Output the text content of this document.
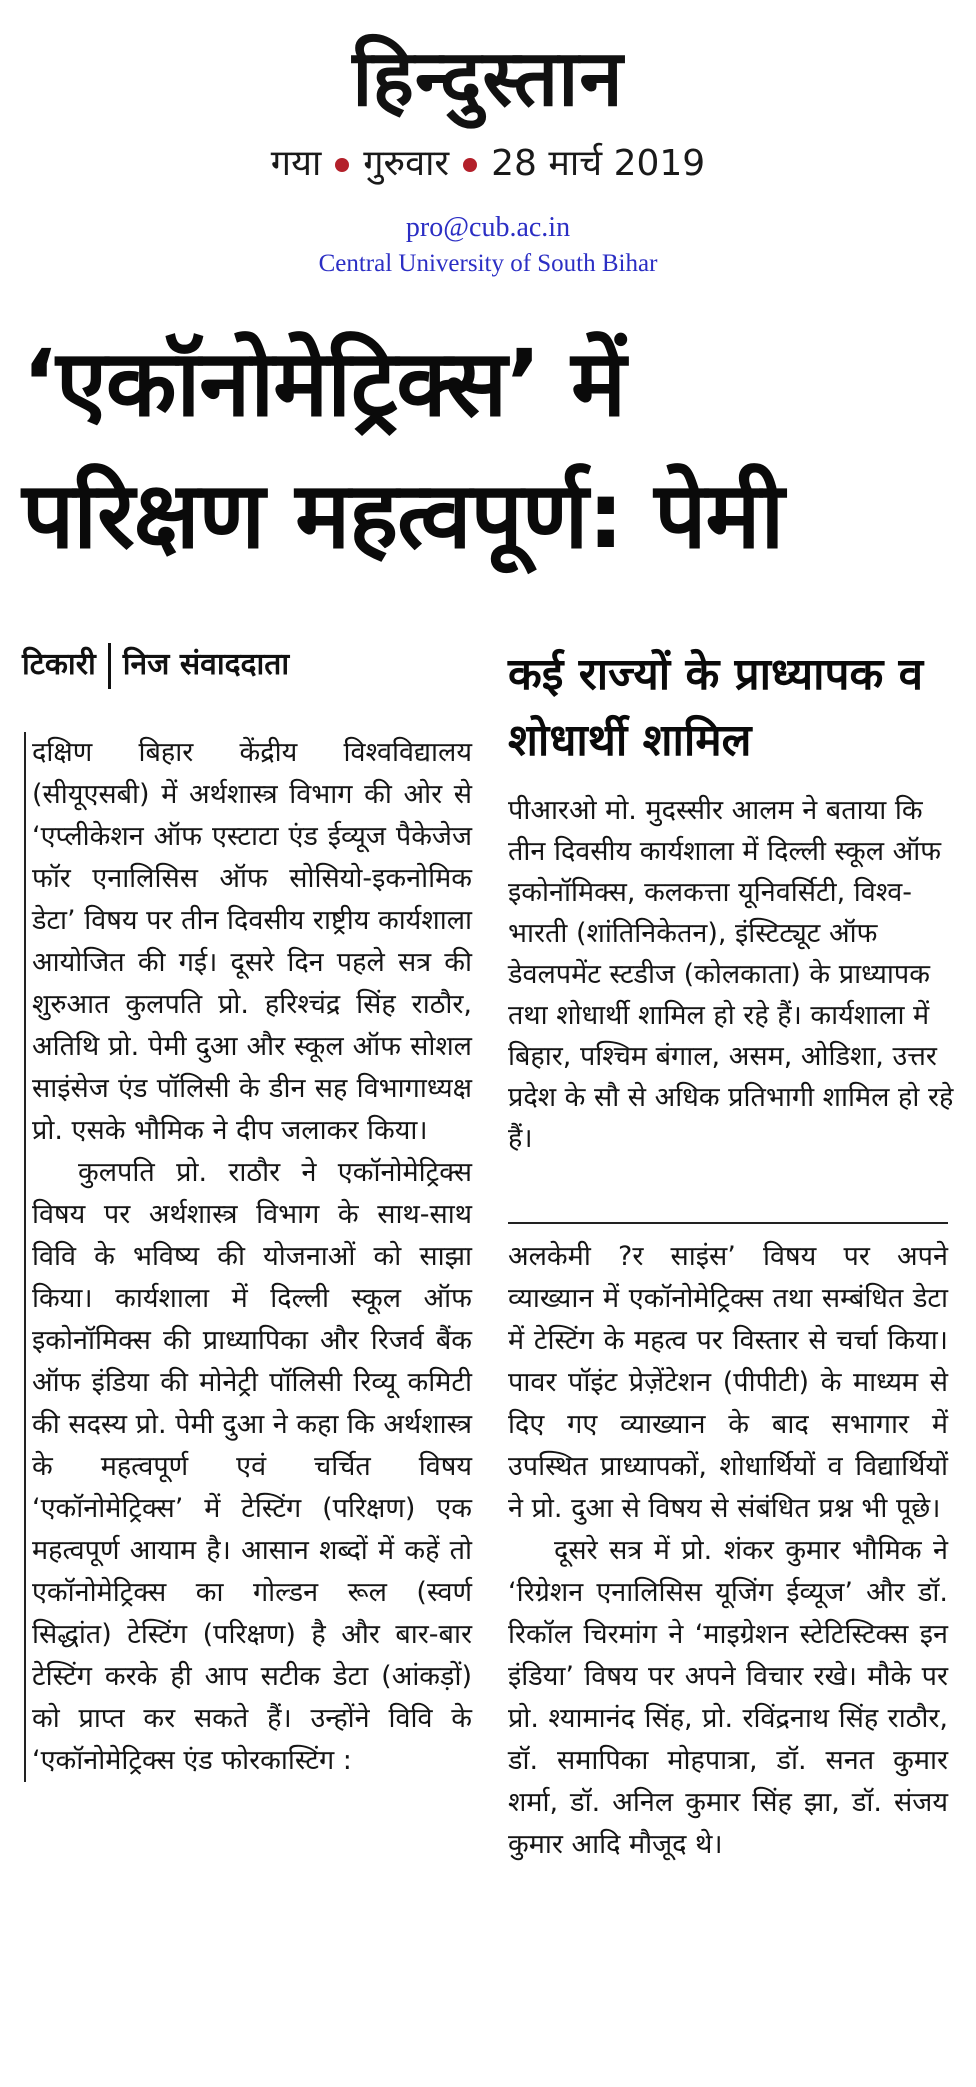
हिन्दुस्तान
गया गुरुवार 28 मार्च 2019
pro@cub.ac.in
Central University of South Bihar
‘एकॉनोमेट्रिक्स’ में
परिक्षण महत्वपूर्ण: पेमी
टिकारी निज संवाददाता

दक्षिण बिहार केंद्रीय विश्वविद्यालय (सीयूएसबी) में अर्थशास्त्र विभाग की ओर से ‘एप्लीकेशन ऑफ एस्टाटा एंड ईव्यूज पैकेजेज फॉर एनालिसिस ऑफ सोसियो-इकनोमिक डेटा’ विषय पर तीन दिवसीय राष्ट्रीय कार्यशाला आयोजित की गई। दूसरे दिन पहले सत्र की शुरुआत कुलपति प्रो. हरिश्चंद्र सिंह राठौर, अतिथि प्रो. पेमी दुआ और स्कूल ऑफ सोशल साइंसेज एंड पॉलिसी के डीन सह विभागाध्यक्ष प्रो. एसके भौमिक ने दीप जलाकर किया।

कुलपति प्रो. राठौर ने एकॉनोमेट्रिक्स विषय पर अर्थशास्त्र विभाग के साथ-साथ विवि के भविष्य की योजनाओं को साझा किया। कार्यशाला में दिल्ली स्कूल ऑफ इकोनॉमिक्स की प्राध्यापिका और रिजर्व बैंक ऑफ इंडिया की मोनेट्री पॉलिसी रिव्यू कमिटी की सदस्य प्रो. पेमी दुआ ने कहा कि अर्थशास्त्र के महत्वपूर्ण एवं चर्चित विषय ‘एकॉनोमेट्रिक्स’ में टेस्टिंग (परिक्षण) एक महत्वपूर्ण आयाम है। आसान शब्दों में कहें तो एकॉनोमेट्रिक्स का गोल्डन रूल (स्वर्ण सिद्धांत) टेस्टिंग (परिक्षण) है और बार-बार टेस्टिंग करके ही आप सटीक डेटा (आंकड़ों) को प्राप्त कर सकते हैं। उन्होंने विवि के ‘एकॉनोमेट्रिक्स एंड फोरकास्टिंग :

कई राज्यों के प्राध्यापक व शोधार्थी शामिल

पीआरओ मो. मुदस्सीर आलम ने बताया कि तीन दिवसीय कार्यशाला में दिल्ली स्कूल ऑफ इकोनॉमिक्स, कलकत्ता यूनिवर्सिटी, विश्व-भारती (शांतिनिकेतन), इंस्टिट्यूट ऑफ डेवलपमेंट स्टडीज (कोलकाता) के प्राध्यापक तथा शोधार्थी शामिल हो रहे हैं। कार्यशाला में बिहार, पश्चिम बंगाल, असम, ओडिशा, उत्तर प्रदेश के सौ से अधिक प्रतिभागी शामिल हो रहे हैं।

अलकेमी ?र साइंस’ विषय पर अपने व्याख्यान में एकॉनोमेट्रिक्स तथा सम्बंधित डेटा में टेस्टिंग के महत्व पर विस्तार से चर्चा किया। पावर पॉइंट प्रेज़ेंटेशन (पीपीटी) के माध्यम से दिए गए व्याख्यान के बाद सभागार में उपस्थित प्राध्यापकों, शोधार्थियों व विद्यार्थियों ने प्रो. दुआ से विषय से संबंधित प्रश्न भी पूछे।

दूसरे सत्र में प्रो. शंकर कुमार भौमिक ने ‘रिग्रेशन एनालिसिस यूजिंग ईव्यूज’ और डॉ. रिकॉल चिरमांग ने ‘माइग्रेशन स्टेटिस्टिक्स इन इंडिया’ विषय पर अपने विचार रखे। मौके पर प्रो. श्यामानंद सिंह, प्रो. रविंद्रनाथ सिंह राठौर, डॉ. समापिका मोहपात्रा, डॉ. सनत कुमार शर्मा, डॉ. अनिल कुमार सिंह झा, डॉ. संजय कुमार आदि मौजूद थे।
